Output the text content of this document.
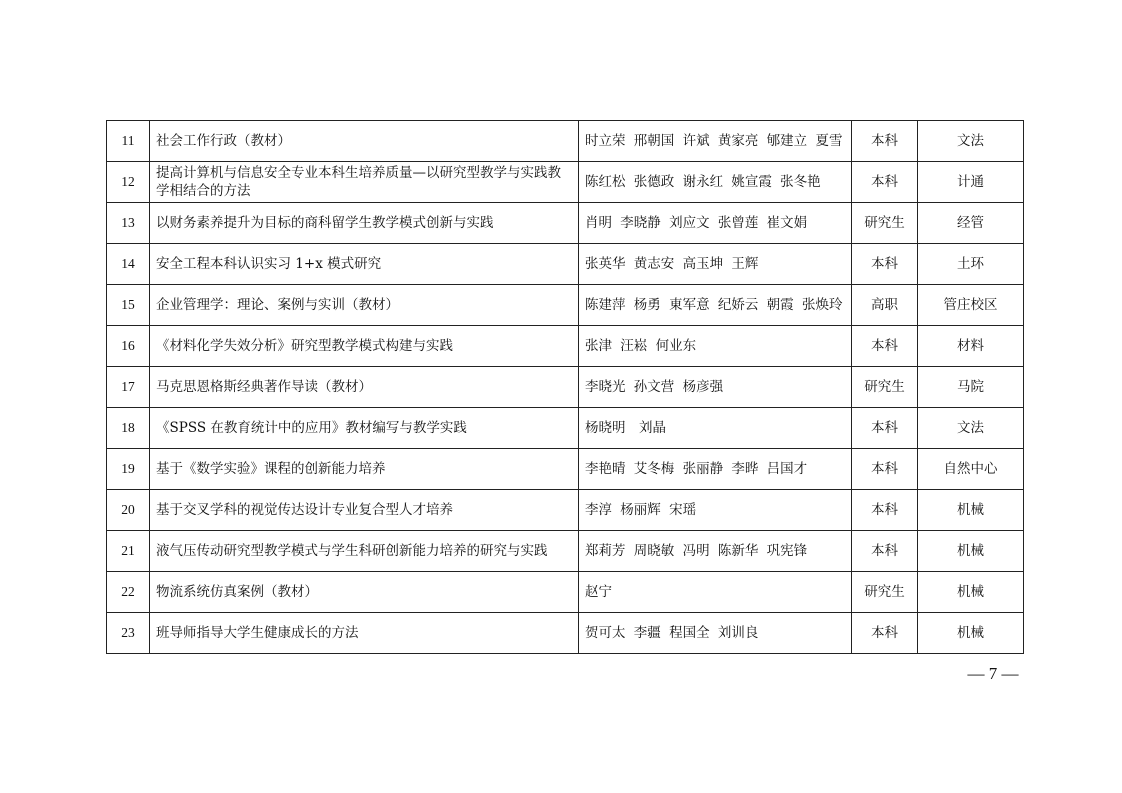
11	社会工作行政（教材）	时立荣 邢朝国 许斌 黄家亮 郇建立 夏雪	本科	文法
12	提高计算机与信息安全专业本科生培养质量—以研究型教学与实践教学相结合的方法	陈红松 张德政 谢永红 姚宣霞 张冬艳	本科	计通
13	以财务素养提升为目标的商科留学生教学模式创新与实践	肖明 李晓静 刘应文 张曾莲 崔文娟	研究生	经管
14	安全工程本科认识实习 1+x 模式研究	张英华 黄志安 高玉坤 王辉	本科	土环
15	企业管理学：理论、案例与实训（教材）	陈建萍 杨勇 東军意 纪娇云 朝霞 张焕玲	高职	管庄校区
16	《材料化学失效分析》研究型教学模式构建与实践	张津 汪崧 何业东	本科	材料
17	马克思恩格斯经典著作导读（教材）	李晓光 孙文营 杨彦强	研究生	马院
18	《SPSS 在教育统计中的应用》教材编写与教学实践	杨晓明　刘晶	本科	文法
19	基于《数学实验》课程的创新能力培养	李艳晴 艾冬梅 张丽静 李晔 吕国才	本科	自然中心
20	基于交叉学科的视觉传达设计专业复合型人才培养	李淳 杨丽辉 宋瑶	本科	机械
21	液气压传动研究型教学模式与学生科研创新能力培养的研究与实践	郑莉芳 周晓敏 冯明 陈新华 巩宪锋	本科	机械
22	物流系统仿真案例（教材）	赵宁	研究生	机械
23	班导师指导大学生健康成长的方法	贺可太 李疆 程国全 刘训良	本科	机械
— 7 —
